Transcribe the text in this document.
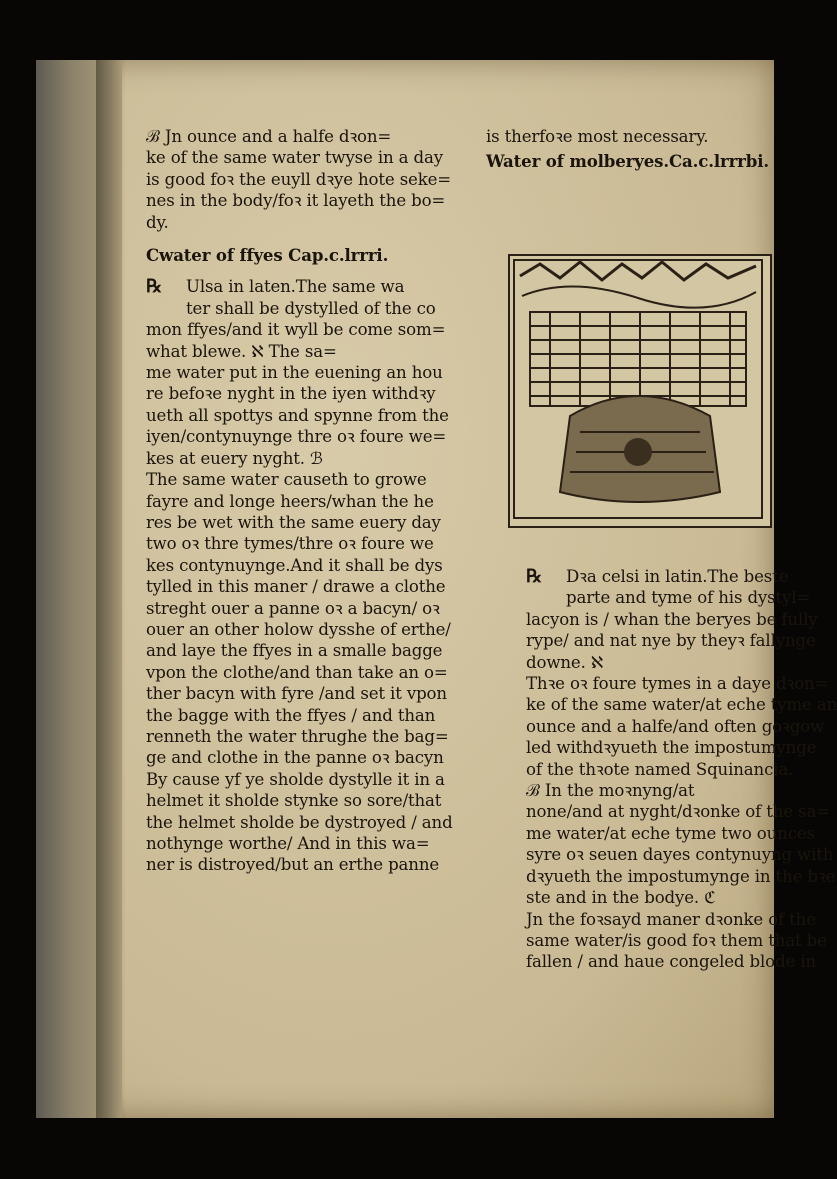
ℬ Jn ounce and a halfe dꝛon=

ke of the same water twyse in a day

is good foꝛ the euyll dꝛye hote seke=

nes in the body/foꝛ it layeth the bo=

dy.

Cwater of ffyes Cap.c.lrrri.

℞ Ulsa in laten.The same wa

ter shall be dystylled of the co

mon ffyes/and it wyll be come som=

what blewe. ℵ The sa=

me water put in the euening an hou

re befoꝛe nyght in the iyen withdꝛy

ueth all spottys and spynne from the

iyen/contynuynge thre oꝛ foure we=

kes at euery nyght. ℬ

The same water causeth to growe

fayre and longe heers/whan the he

res be wet with the same euery day

two oꝛ thre tymes/thre oꝛ foure we

kes contynuynge.And it shall be dys

tylled in this maner / drawe a clothe

streght ouer a panne oꝛ a bacyn/ oꝛ

ouer an other holow dysshe of erthe/

and laye the ffyes in a smalle bagge

vpon the clothe/and than take an o=

ther bacyn with fyre /and set it vpon

the bagge with the ffyes / and than

renneth the water thrughe the bag=

ge and clothe in the panne oꝛ bacyn

By cause yf ye sholde dystylle it in a

helmet it sholde stynke so sore/that

the helmet sholde be dystroyed / and

nothynge worthe/ And in this wa=

ner is distroyed/but an erthe panne

is therfoꝛe most necessary.

Water of molberyes.Ca.c.lrrrbi.

℞ Dꝛa celsi in latin.The beste

parte and tyme of his dystyl=

lacyon is / whan the beryes be fully

rype/ and nat nye by theyꝛ fallynge

downe. ℵ

Thꝛe oꝛ foure tymes in a daye dꝛon=

ke of the same water/at eche tyme an

ounce and a halfe/and often goꝛgow

led withdꝛyueth the impostumynge

of the thꝛote named Squinancia.

ℬ In the moꝛnyng/at

none/and at nyght/dꝛonke of the sa=

me water/at eche tyme two ounces

syre oꝛ seuen dayes contynuyng with

dꝛyueth the impostumynge in the bꝛe

ste and in the bodye. ℭ

Jn the foꝛsayd maner dꝛonke of the

same water/is good foꝛ them that be

fallen / and haue congeled blode in
